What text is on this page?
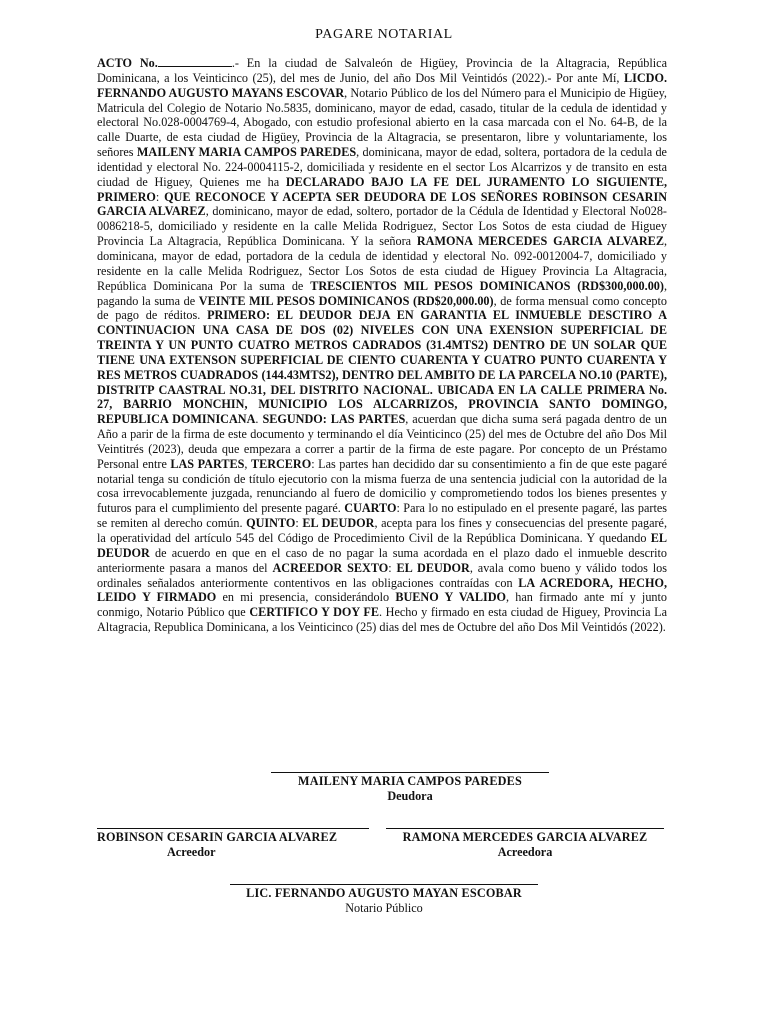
PAGARE NOTARIAL

ACTO No.	.- En la ciudad de Salvaleón de Higüey, Provincia de la Altagracia, República Dominicana, a los Veinticinco (25), del mes de Junio, del año Dos Mil Veintidós (2022).- Por ante Mí, LICDO. FERNANDO AUGUSTO MAYANS ESCOVAR, Notario Público de los del Número para el Municipio de Higüey, Matricula del Colegio de Notario No.5835, dominicano, mayor de edad, casado, titular de la cedula de identidad y electoral No.028-0004769-4, Abogado, con estudio profesional abierto en la casa marcada con el No. 64-B, de la calle Duarte, de esta ciudad de Higüey, Provincia de la Altagracia, se presentaron, libre y voluntariamente, los señores MAILENY MARIA CAMPOS PAREDES, dominicana, mayor de edad, soltera, portadora de la cedula de identidad y electoral No. 224-0004115-2, domiciliada y residente en el sector Los Alcarrizos y de transito en esta ciudad de Higuey, Quienes me ha DECLARADO BAJO LA FE DEL JURAMENTO LO SIGUIENTE, PRIMERO: QUE RECONOCE Y ACEPTA SER DEUDORA DE LOS SEÑORES ROBINSON CESARIN GARCIA ALVAREZ, dominicano, mayor de edad, soltero, portador de la Cédula de Identidad y Electoral No028-0086218-5, domiciliado y residente en la calle Melida Rodriguez, Sector Los Sotos de esta ciudad de Higuey Provincia La Altagracia, República Dominicana. Y la señora RAMONA MERCEDES GARCIA ALVAREZ, dominicana, mayor de edad, portadora de la cedula de identidad y electoral No. 092-0012004-7, domiciliado y residente en la calle Melida Rodriguez, Sector Los Sotos de esta ciudad de Higuey Provincia La Altagracia, República Dominicana Por la suma de TRESCIENTOS MIL PESOS DOMINICANOS (RD$300,000.00), pagando la suma de VEINTE MIL PESOS DOMINICANOS (RD$20,000.00), de forma mensual como concepto de pago de réditos. PRIMERO: EL DEUDOR DEJA EN GARANTIA EL INMUEBLE DESCTIRO A CONTINUACION UNA CASA DE DOS (02) NIVELES CON UNA EXENSION SUPERFICIAL DE TREINTA Y UN PUNTO CUATRO METROS CADRADOS (31.4MTS2) DENTRO DE UN SOLAR QUE TIENE UNA EXTENSON SUPERFICIAL DE CIENTO CUARENTA Y CUATRO PUNTO CUARENTA Y RES METROS CUADRADOS (144.43MTS2), DENTRO DEL AMBITO DE LA PARCELA NO.10 (PARTE), DISTRITP CAASTRAL NO.31, DEL DISTRITO NACIONAL. UBICADA EN LA CALLE PRIMERA No. 27, BARRIO MONCHIN, MUNICIPIO LOS ALCARRIZOS, PROVINCIA SANTO DOMINGO, REPUBLICA DOMINICANA. SEGUNDO: LAS PARTES, acuerdan que dicha suma será pagada dentro de un Año a parir de la firma de este documento y terminando el día Veinticinco (25) del mes de Octubre del año Dos Mil Veintitrés (2023), deuda que empezara a correr a partir de la firma de este pagare. Por concepto de un Préstamo Personal entre LAS PARTES, TERCERO: Las partes han decidido dar su consentimiento a fin de que este pagaré notarial tenga su condición de título ejecutorio con la misma fuerza de una sentencia judicial con la autoridad de la cosa irrevocablemente juzgada, renunciando al fuero de domicilio y comprometiendo todos los bienes presentes y futuros para el cumplimiento del presente pagaré. CUARTO: Para lo no estipulado en el presente pagaré, las partes se remiten al derecho común. QUINTO: EL DEUDOR, acepta para los fines y consecuencias del presente pagaré, la operatividad del artículo 545 del Código de Procedimiento Civil de la República Dominicana. Y quedando EL DEUDOR de acuerdo en que en el caso de no pagar la suma acordada en el plazo dado el inmueble descrito anteriormente pasara a manos del ACREEDOR SEXTO: EL DEUDOR, avala como bueno y válido todos los ordinales señalados anteriormente contentivos en las obligaciones contraídas con LA ACREDORA, HECHO, LEIDO Y FIRMADO en mi presencia, considerándolo BUENO Y VALIDO, han firmado ante mí y junto conmigo, Notario Público que CERTIFICO Y DOY FE. Hecho y firmado en esta ciudad de Higuey, Provincia La Altagracia, Republica Dominicana, a los Veinticinco (25) dias del mes de Octubre del año Dos Mil Veintidós (2022).

MAILENY MARIA CAMPOS PAREDES
Deudora
ROBINSON CESARIN GARCIA ALVAREZ
Acreedor
RAMONA MERCEDES GARCIA ALVAREZ
Acreedora
LIC. FERNANDO AUGUSTO MAYAN ESCOBAR
Notario Público
